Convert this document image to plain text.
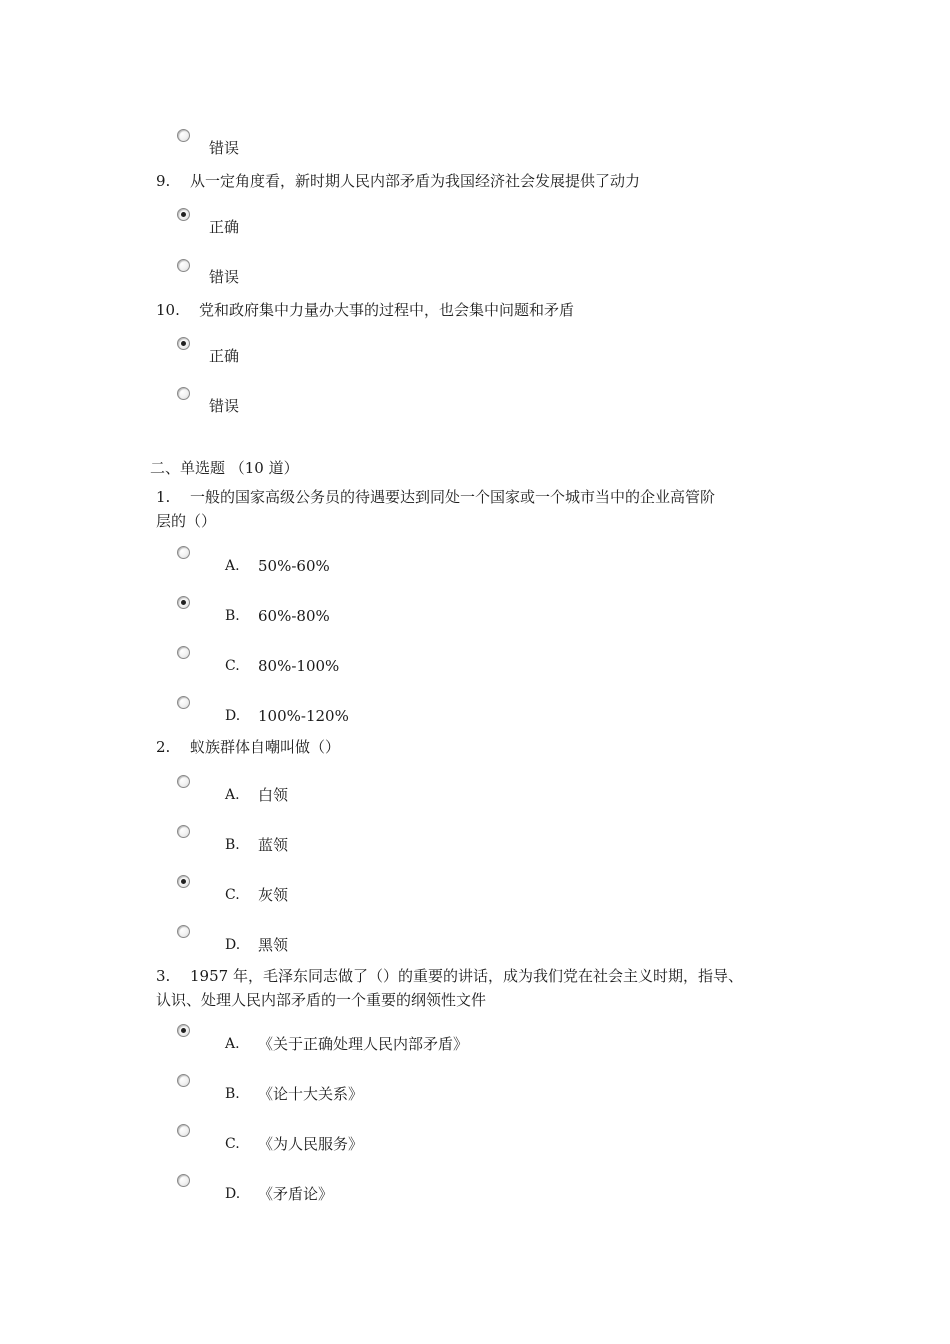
错误
9. 从一定角度看，新时期人民内部矛盾为我国经济社会发展提供了动力
正确
错误
10. 党和政府集中力量办大事的过程中，也会集中问题和矛盾
正确
错误
二、单选题 （10 道）
1. 一般的国家高级公务员的待遇要达到同处一个国家或一个城市当中的企业高管阶
层的（）
A. 50%-60%
B. 60%-80%
C. 80%-100%
D. 100%-120%
2. 蚁族群体自嘲叫做（）
A. 白领
B. 蓝领
C. 灰领
D. 黑领
3. 1957 年，毛泽东同志做了（）的重要的讲话，成为我们党在社会主义时期，指导、
认识、处理人民内部矛盾的一个重要的纲领性文件
A. 《关于正确处理人民内部矛盾》
B. 《论十大关系》
C. 《为人民服务》
D. 《矛盾论》
